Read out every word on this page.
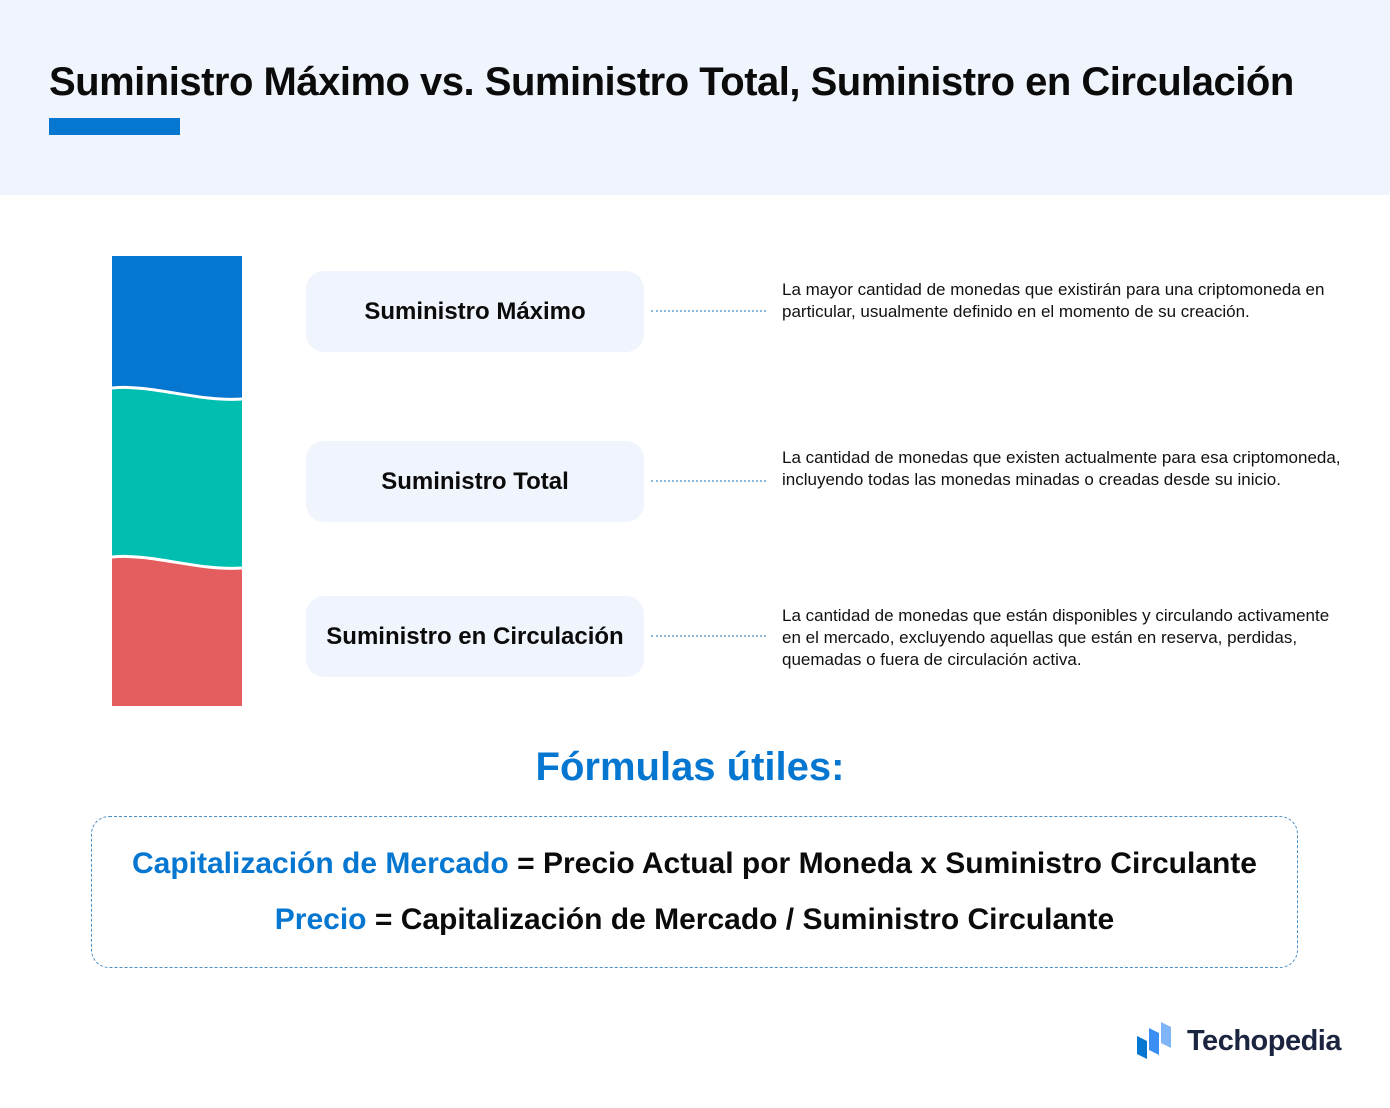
Suministro Máximo vs. Suministro Total, Suministro en Circulación
Suministro Máximo
La mayor cantidad de monedas que existirán para una criptomoneda en particular, usualmente definido en el momento de su creación.
Suministro Total
La cantidad de monedas que existen actualmente para esa criptomoneda, incluyendo todas las monedas minadas o creadas desde su inicio.
Suministro en Circulación
La cantidad de monedas que están disponibles y circulando activamente en el mercado, excluyendo aquellas que están en reserva, perdidas, quemadas o fuera de circulación activa.
Fórmulas útiles:
Capitalización de Mercado = Precio Actual por Moneda x Suministro Circulante
Precio = Capitalización de Mercado / Suministro Circulante
Techopedia
